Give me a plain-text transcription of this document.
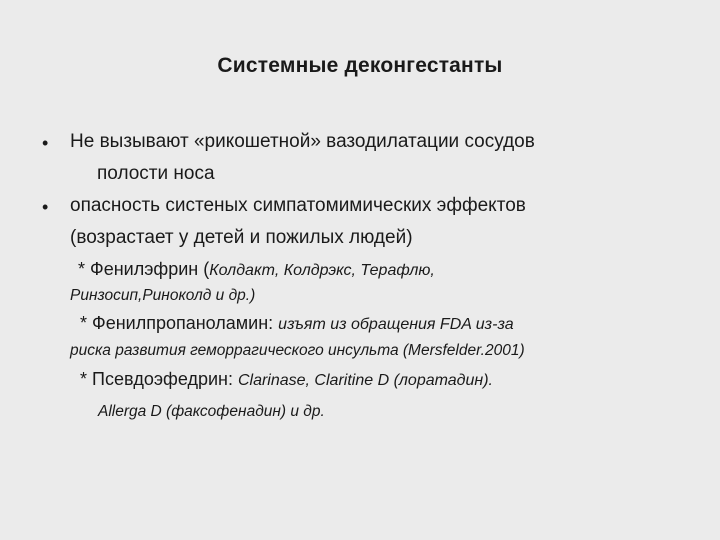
Системные деконгестанты
• Не вызывают «рикошетной» вазодилатации сосудов
полости носа
• опасность систеных симпатомимических эффектов
(возрастает у детей и пожилых людей)
* Фенилэфрин (Колдакт, Колдрэкс, Терафлю,
Ринзосип,Риноколд и др.)
* Фенилпропаноламин: изъят из обращения FDA из-за
риска развития геморрагического инсульта (Mersfelder.2001)
* Псевдоэфедрин: Clarinase, Claritine D (лоратадин).
Allerga D (факсофенадин) и др.
